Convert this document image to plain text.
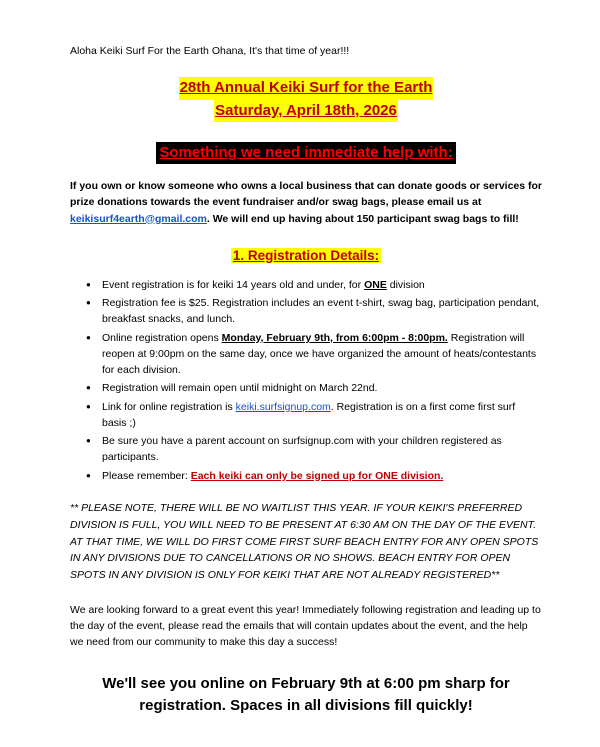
Aloha Keiki Surf For the Earth Ohana, It's that time of year!!!

28th Annual Keiki Surf for the Earth
Saturday, April 18th, 2026
Something we need immediate help with:

If you own or know someone who owns a local business that can donate goods or services for prize donations towards the event fundraiser and/or swag bags, please email us at keikisurf4earth@gmail.com. We will end up having about 150 participant swag bags to fill!

1. Registration Details:
● Event registration is for keiki 14 years old and under, for ONE division
● Registration fee is $25. Registration includes an event t-shirt, swag bag, participation pendant, breakfast snacks, and lunch.
● Online registration opens Monday, February 9th, from 6:00pm - 8:00pm. Registration will reopen at 9:00pm on the same day, once we have organized the amount of heats/contestants for each division.
● Registration will remain open until midnight on March 22nd.
● Link for online registration is keiki.surfsignup.com. Registration is on a first come first surf basis ;)
● Be sure you have a parent account on surfsignup.com with your children registered as participants.
● Please remember: Each keiki can only be signed up for ONE division.

** PLEASE NOTE, THERE WILL BE NO WAITLIST THIS YEAR. IF YOUR KEIKI'S PREFERRED DIVISION IS FULL, YOU WILL NEED TO BE PRESENT AT 6:30 AM ON THE DAY OF THE EVENT. AT THAT TIME, WE WILL DO FIRST COME FIRST SURF BEACH ENTRY FOR ANY OPEN SPOTS IN ANY DIVISIONS DUE TO CANCELLATIONS OR NO SHOWS. BEACH ENTRY FOR OPEN SPOTS IN ANY DIVISION IS ONLY FOR KEIKI THAT ARE NOT ALREADY REGISTERED**

We are looking forward to a great event this year! Immediately following registration and leading up to the day of the event, please read the emails that will contain updates about the event, and the help we need from our community to make this day a success!

We'll see you online on February 9th at 6:00 pm sharp for registration. Spaces in all divisions fill quickly!
